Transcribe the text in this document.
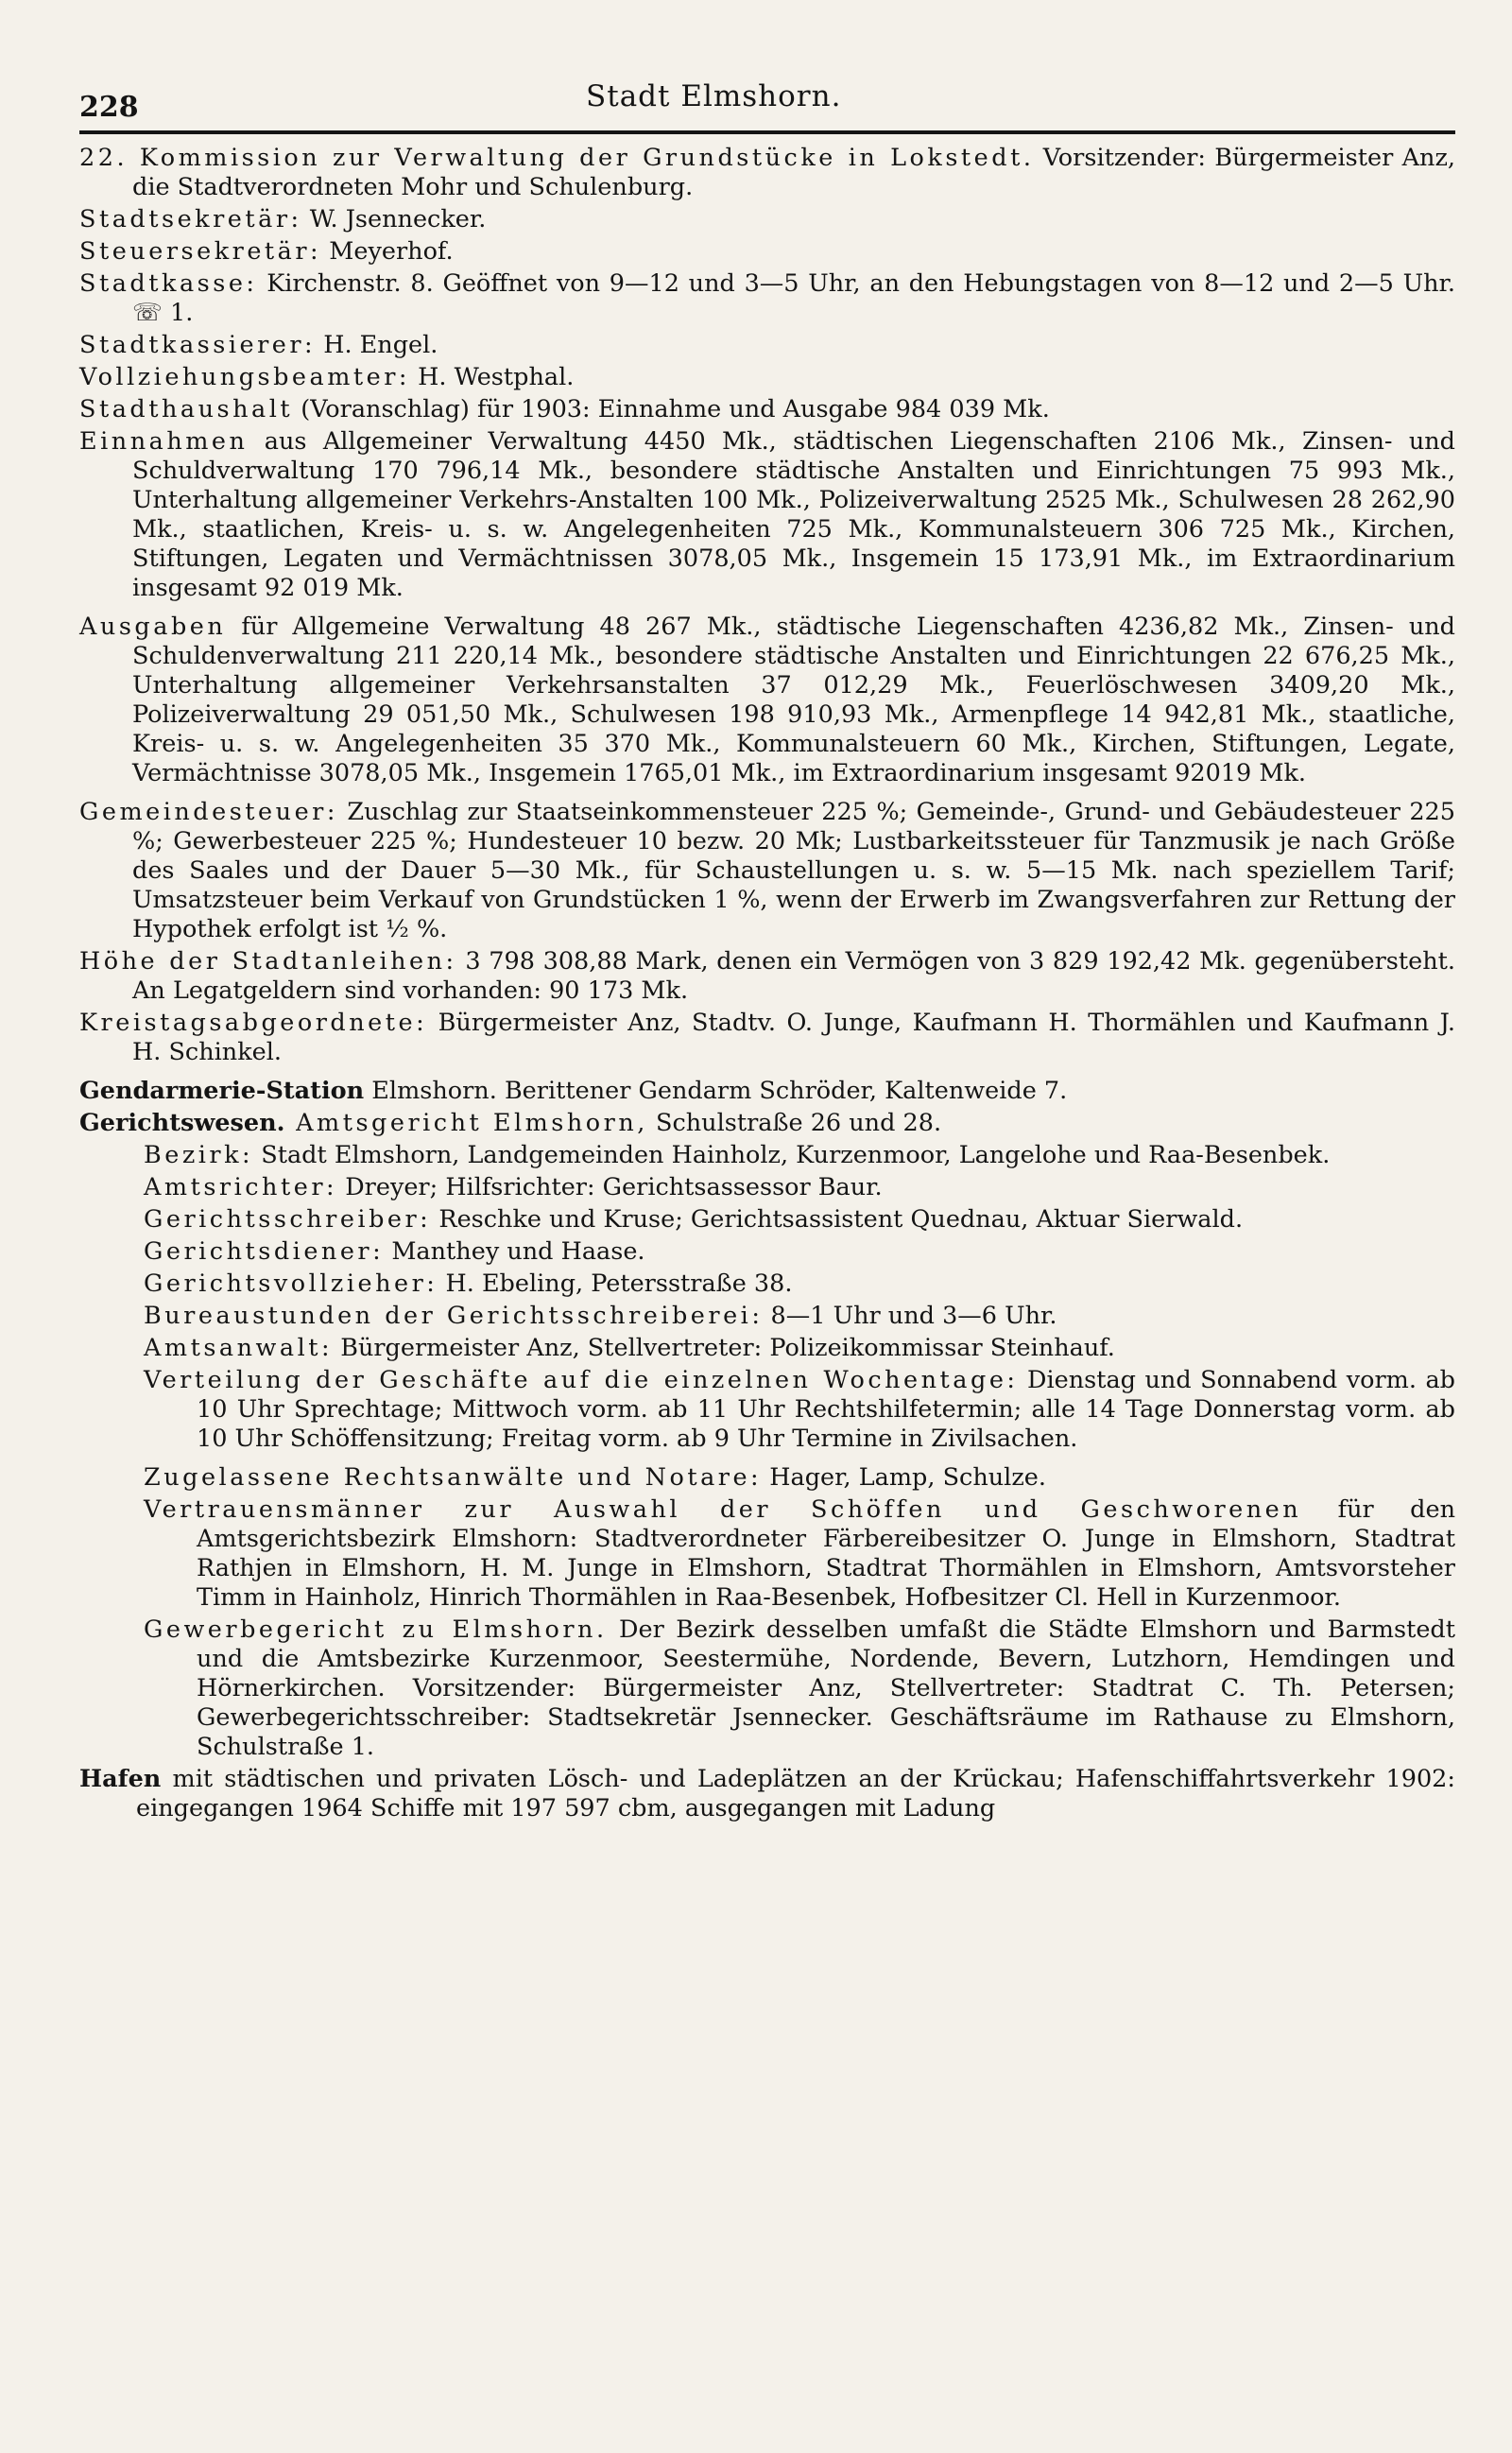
228	Stadt Elmshorn.

22. Kommission zur Verwaltung der Grundstücke in Lokstedt. Vorsitzender: Bürgermeister Anz, die Stadtverordneten Mohr und Schulenburg.

Stadtsekretär: W. Jsennecker.

Steuersekretär: Meyerhof.

Stadtkasse: Kirchenstr. 8. Geöffnet von 9—12 und 3—5 Uhr, an den Hebungstagen von 8—12 und 2—5 Uhr. ☏ 1.

Stadtkassierer: H. Engel.

Vollziehungsbeamter: H. Westphal.

Stadthaushalt (Voranschlag) für 1903: Einnahme und Ausgabe 984 039 Mk.

Einnahmen aus Allgemeiner Verwaltung 4450 Mk., städtischen Liegenschaften 2106 Mk., Zinsen- und Schuldverwaltung 170 796,14 Mk., besondere städtische Anstalten und Einrichtungen 75 993 Mk., Unterhaltung allgemeiner Verkehrs-Anstalten 100 Mk., Polizeiverwaltung 2525 Mk., Schulwesen 28 262,90 Mk., staatlichen, Kreis- u. s. w. Angelegenheiten 725 Mk., Kommunalsteuern 306 725 Mk., Kirchen, Stiftungen, Legaten und Vermächtnissen 3078,05 Mk., Insgemein 15 173,91 Mk., im Extraordinarium insgesamt 92 019 Mk.

Ausgaben für Allgemeine Verwaltung 48 267 Mk., städtische Liegenschaften 4236,82 Mk., Zinsen- und Schuldenverwaltung 211 220,14 Mk., besondere städtische Anstalten und Einrichtungen 22 676,25 Mk., Unterhaltung allgemeiner Verkehrsanstalten 37 012,29 Mk., Feuerlöschwesen 3409,20 Mk., Polizeiverwaltung 29 051,50 Mk., Schulwesen 198 910,93 Mk., Armenpflege 14 942,81 Mk., staatliche, Kreis- u. s. w. Angelegenheiten 35 370 Mk., Kommunalsteuern 60 Mk., Kirchen, Stiftungen, Legate, Vermächtnisse 3078,05 Mk., Insgemein 1765,01 Mk., im Extraordinarium insgesamt 92019 Mk.

Gemeindesteuer: Zuschlag zur Staatseinkommensteuer 225 %; Gemeinde-, Grund- und Gebäudesteuer 225 %; Gewerbesteuer 225 %; Hundesteuer 10 bezw. 20 Mk; Lustbarkeitssteuer für Tanzmusik je nach Größe des Saales und der Dauer 5—30 Mk., für Schaustellungen u. s. w. 5—15 Mk. nach speziellem Tarif; Umsatzsteuer beim Verkauf von Grundstücken 1 %, wenn der Erwerb im Zwangsverfahren zur Rettung der Hypothek erfolgt ist ½ %.

Höhe der Stadtanleihen: 3 798 308,88 Mark, denen ein Vermögen von 3 829 192,42 Mk. gegenübersteht. An Legatgeldern sind vorhanden: 90 173 Mk.

Kreistagsabgeordnete: Bürgermeister Anz, Stadtv. O. Junge, Kaufmann H. Thormählen und Kaufmann J. H. Schinkel.

Gendarmerie-Station Elmshorn. Berittener Gendarm Schröder, Kaltenweide 7.

Gerichtswesen. Amtsgericht Elmshorn, Schulstraße 26 und 28.

Bezirk: Stadt Elmshorn, Landgemeinden Hainholz, Kurzenmoor, Langelohe und Raa-Besenbek.

Amtsrichter: Dreyer; Hilfsrichter: Gerichtsassessor Baur.

Gerichtsschreiber: Reschke und Kruse; Gerichtsassistent Quednau, Aktuar Sierwald.

Gerichtsdiener: Manthey und Haase.

Gerichtsvollzieher: H. Ebeling, Petersstraße 38.

Bureaustunden der Gerichtsschreiberei: 8—1 Uhr und 3—6 Uhr.

Amtsanwalt: Bürgermeister Anz, Stellvertreter: Polizeikommissar Steinhauf.

Verteilung der Geschäfte auf die einzelnen Wochentage: Dienstag und Sonnabend vorm. ab 10 Uhr Sprechtage; Mittwoch vorm. ab 11 Uhr Rechtshilfetermin; alle 14 Tage Donnerstag vorm. ab 10 Uhr Schöffensitzung; Freitag vorm. ab 9 Uhr Termine in Zivilsachen.

Zugelassene Rechtsanwälte und Notare: Hager, Lamp, Schulze.

Vertrauensmänner zur Auswahl der Schöffen und Geschworenen für den Amtsgerichtsbezirk Elmshorn: Stadtverordneter Färbereibesitzer O. Junge in Elmshorn, Stadtrat Rathjen in Elmshorn, H. M. Junge in Elmshorn, Stadtrat Thormählen in Elmshorn, Amtsvorsteher Timm in Hainholz, Hinrich Thormählen in Raa-Besenbek, Hofbesitzer Cl. Hell in Kurzenmoor.

Gewerbegericht zu Elmshorn. Der Bezirk desselben umfaßt die Städte Elmshorn und Barmstedt und die Amtsbezirke Kurzenmoor, Seestermühe, Nordende, Bevern, Lutzhorn, Hemdingen und Hörnerkirchen. Vorsitzender: Bürgermeister Anz, Stellvertreter: Stadtrat C. Th. Petersen; Gewerbegerichtsschreiber: Stadtsekretär Jsennecker. Geschäftsräume im Rathause zu Elmshorn, Schulstraße 1.

Hafen mit städtischen und privaten Lösch- und Ladeplätzen an der Krückau; Hafenschiffahrtsverkehr 1902: eingegangen 1964 Schiffe mit 197 597 cbm, ausgegangen mit Ladung
